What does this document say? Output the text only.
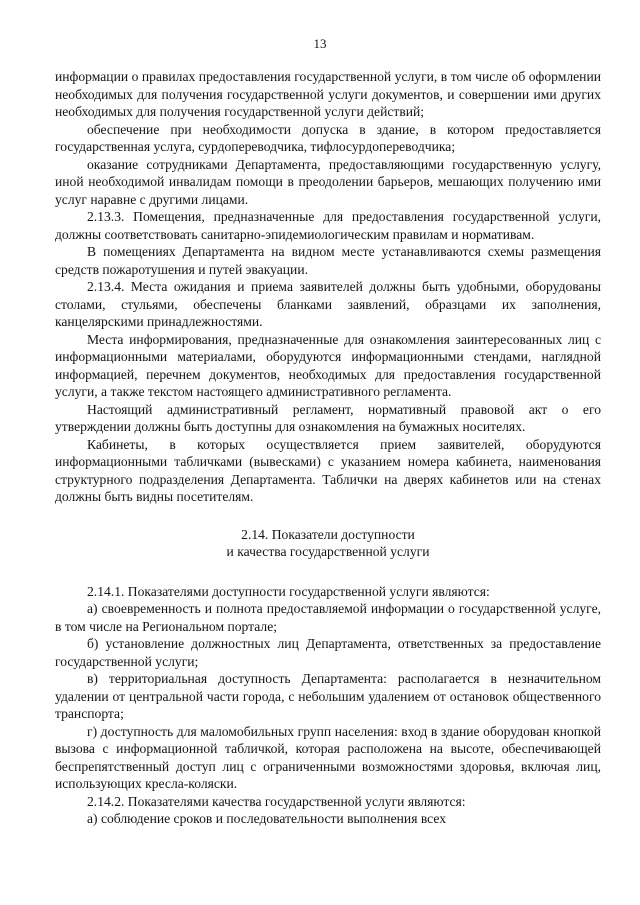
13

информации о правилах предоставления государственной услуги, в том числе об оформлении необходимых для получения государственной услуги документов, и совершении ими других необходимых для получения государственной услуги действий;

обеспечение при необходимости допуска в здание, в котором предоставляется государственная услуга, сурдопереводчика, тифлосурдопереводчика;

оказание сотрудниками Департамента, предоставляющими государственную услугу, иной необходимой инвалидам помощи в преодолении барьеров, мешающих получению ими услуг наравне с другими лицами.

2.13.3. Помещения, предназначенные для предоставления государственной услуги, должны соответствовать санитарно-эпидемиологическим правилам и нормативам.

В помещениях Департамента на видном месте устанавливаются схемы размещения средств пожаротушения и путей эвакуации.

2.13.4. Места ожидания и приема заявителей должны быть удобными, оборудованы столами, стульями, обеспечены бланками заявлений, образцами их заполнения, канцелярскими принадлежностями.

Места информирования, предназначенные для ознакомления заинтересованных лиц с информационными материалами, оборудуются информационными стендами, наглядной информацией, перечнем документов, необходимых для предоставления государственной услуги, а также текстом настоящего административного регламента.

Настоящий административный регламент, нормативный правовой акт о его утверждении должны быть доступны для ознакомления на бумажных носителях.

Кабинеты, в которых осуществляется прием заявителей, оборудуются информационными табличками (вывесками) с указанием номера кабинета, наименования структурного подразделения Департамента. Таблички на дверях кабинетов или на стенах должны быть видны посетителям.

2.14. Показатели доступности
и качества государственной услуги

2.14.1. Показателями доступности государственной услуги являются:

а) своевременность и полнота предоставляемой информации о государственной услуге, в том числе на Региональном портале;

б) установление должностных лиц Департамента, ответственных за предоставление государственной услуги;

в) территориальная доступность Департамента: располагается в незначительном удалении от центральной части города, с небольшим удалением от остановок общественного транспорта;

г) доступность для маломобильных групп населения: вход в здание оборудован кнопкой вызова с информационной табличкой, которая расположена на высоте, обеспечивающей беспрепятственный доступ лиц с ограниченными возможностями здоровья, включая лиц, использующих кресла-коляски.

2.14.2. Показателями качества государственной услуги являются:

а) соблюдение сроков и последовательности выполнения всех
